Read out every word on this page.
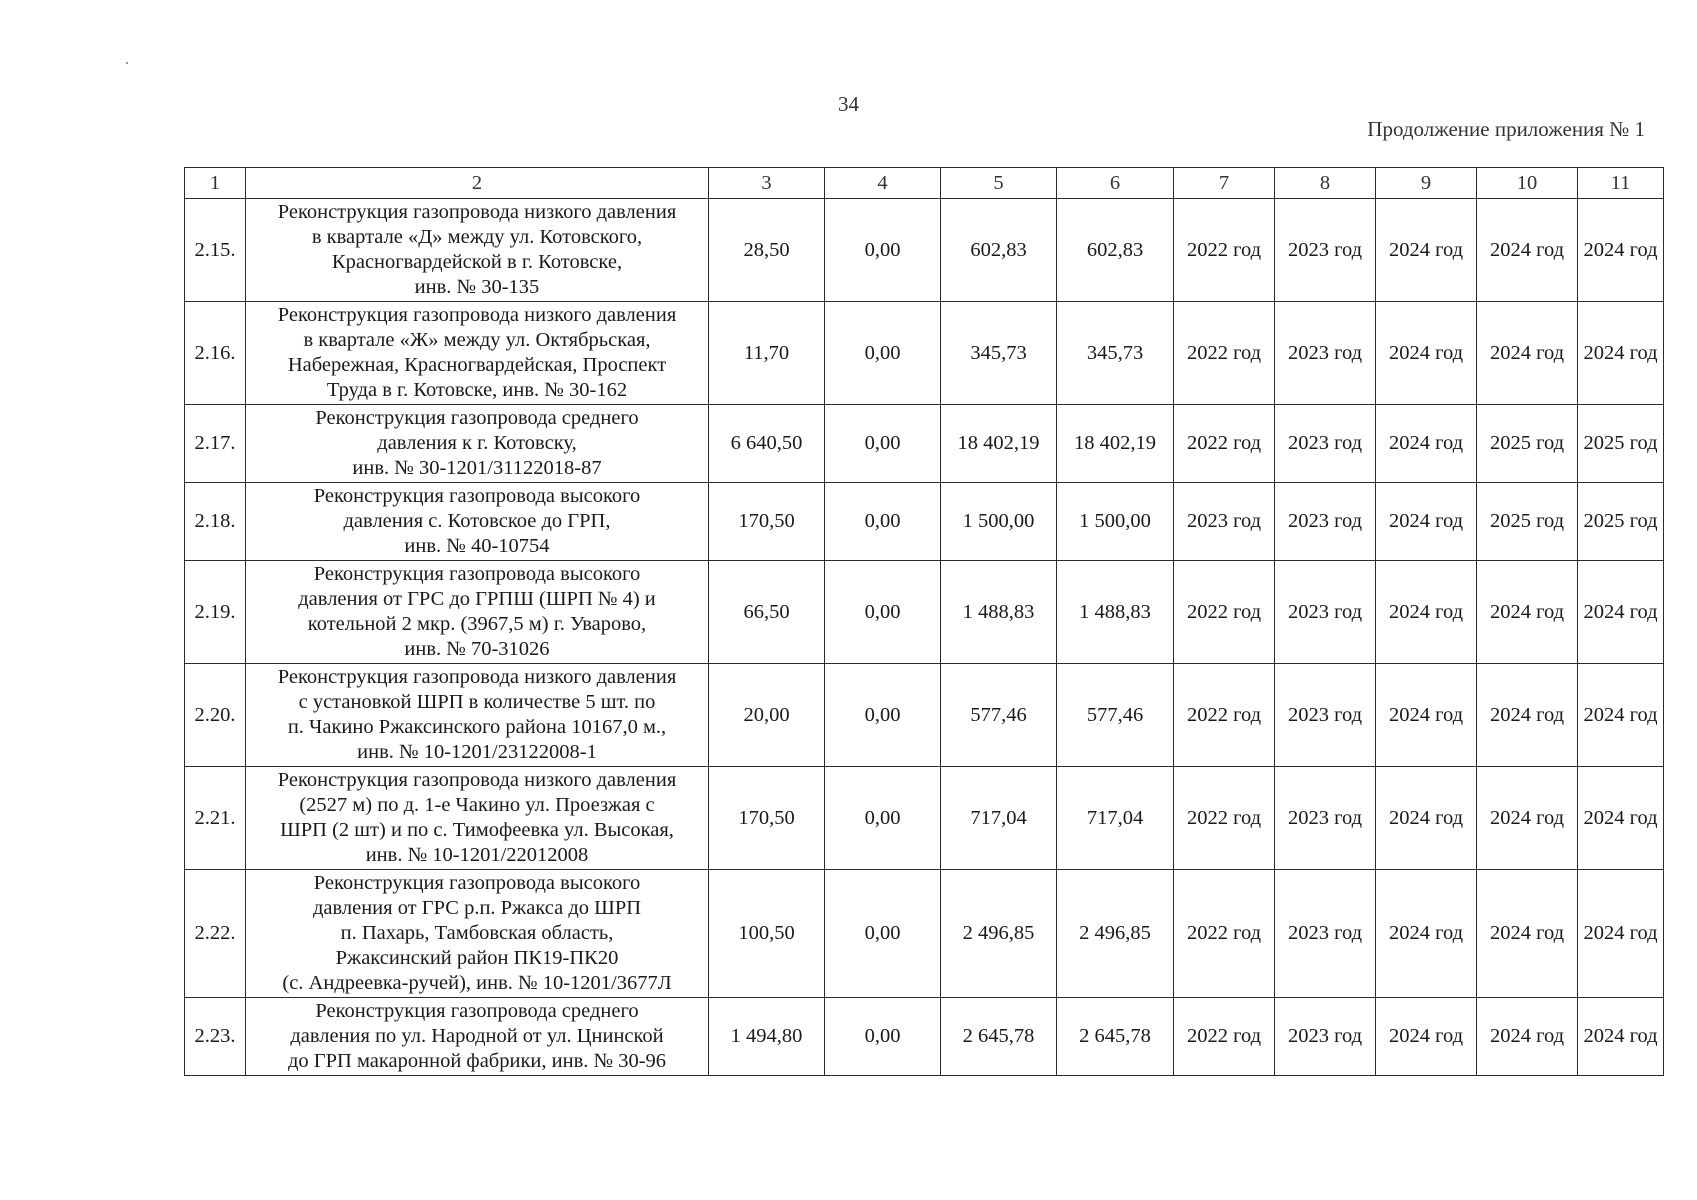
34
Продолжение приложения № 1
1	2	3	4	5	6	7	8	9	10	11
2.15.	Реконструкция газопровода низкого давления
в квартале «Д» между ул. Котовского,
Красногвардейской в г. Котовске,
инв. № 30-135	28,50	0,00	602,83	602,83	2022 год	2023 год	2024 год	2024 год	2024 год
2.16.	Реконструкция газопровода низкого давления
в квартале «Ж» между ул. Октябрьская,
Набережная, Красногвардейская, Проспект
Труда в г. Котовске, инв. № 30-162	11,70	0,00	345,73	345,73	2022 год	2023 год	2024 год	2024 год	2024 год
2.17.	Реконструкция газопровода среднего
давления к г. Котовску,
инв. № 30-1201/31122018-87	6 640,50	0,00	18 402,19	18 402,19	2022 год	2023 год	2024 год	2025 год	2025 год
2.18.	Реконструкция газопровода высокого
давления с. Котовское до ГРП,
инв. № 40-10754	170,50	0,00	1 500,00	1 500,00	2023 год	2023 год	2024 год	2025 год	2025 год
2.19.	Реконструкция газопровода высокого
давления от ГРС до ГРПШ (ШРП № 4) и
котельной 2 мкр. (3967,5 м) г. Уварово,
инв. № 70-31026	66,50	0,00	1 488,83	1 488,83	2022 год	2023 год	2024 год	2024 год	2024 год
2.20.	Реконструкция газопровода низкого давления
с установкой ШРП в количестве 5 шт. по
п. Чакино Ржаксинского района 10167,0 м.,
инв. № 10-1201/23122008-1	20,00	0,00	577,46	577,46	2022 год	2023 год	2024 год	2024 год	2024 год
2.21.	Реконструкция газопровода низкого давления
(2527 м) по д. 1-е Чакино ул. Проезжая с
ШРП (2 шт) и по с. Тимофеевка ул. Высокая,
инв. № 10-1201/22012008	170,50	0,00	717,04	717,04	2022 год	2023 год	2024 год	2024 год	2024 год
2.22.	Реконструкция газопровода высокого
давления от ГРС р.п. Ржакса до ШРП
п. Пахарь, Тамбовская область,
Ржаксинский район ПК19-ПК20
(с. Андреевка-ручей), инв. № 10-1201/3677Л	100,50	0,00	2 496,85	2 496,85	2022 год	2023 год	2024 год	2024 год	2024 год
2.23.	Реконструкция газопровода среднего
давления по ул. Народной от ул. Цнинской
до ГРП макаронной фабрики, инв. № 30-96	1 494,80	0,00	2 645,78	2 645,78	2022 год	2023 год	2024 год	2024 год	2024 год
